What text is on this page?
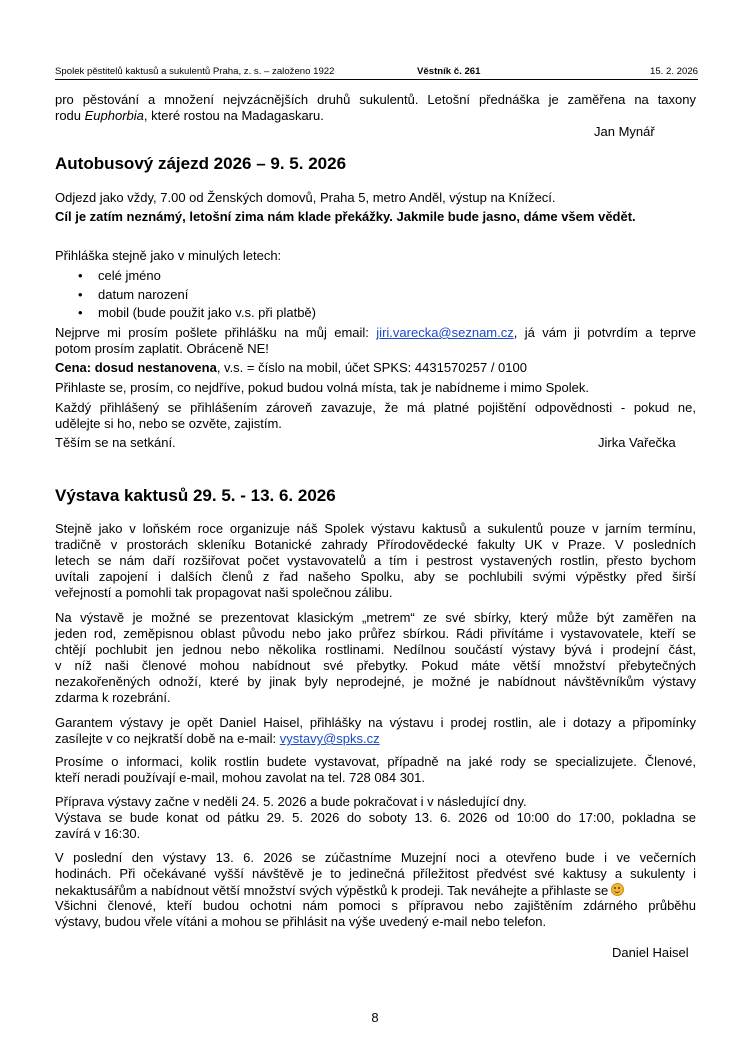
Spolek pěstitelů kaktusů a sukulentů Praha, z. s. – založeno 1922	Věstník č. 261	15. 2. 2026
pro pěstování a množení nejvzácnějších druhů sukulentů. Letošní přednáška je zaměřena na taxony
rodu Euphorbia, které rostou na Madagaskaru.
Jan Mynář
Autobusový zájezd 2026 – 9. 5. 2026
Odjezd jako vždy, 7.00 od Ženských domovů, Praha 5, metro Anděl, výstup na Knížecí.
Cíl je zatím neznámý, letošní zima nám klade překážky. Jakmile bude jasno, dáme všem vědět.
Přihláška stejně jako v minulých letech:
• celé jméno
• datum narození
• mobil (bude použit jako v.s. při platbě)
Nejprve mi prosím pošlete přihlášku na můj email: jiri.varecka@seznam.cz, já vám ji potvrdím a teprve
potom prosím zaplatit. Obráceně NE!
Cena: dosud nestanovena, v.s. = číslo na mobil, účet SPKS: 4431570257 / 0100
Přihlaste se, prosím, co nejdříve, pokud budou volná místa, tak je nabídneme i mimo Spolek.
Každý přihlášený se přihlášením zároveň zavazuje, že má platné pojištění odpovědnosti - pokud ne,
udělejte si ho, nebo se ozvěte, zajistím.
Těším se na setkání.	Jirka Vařečka
Výstava kaktusů 29. 5. - 13. 6. 2026
Stejně jako v loňském roce organizuje náš Spolek výstavu kaktusů a sukulentů pouze v jarním termínu,
tradičně v prostorách skleníku Botanické zahrady Přírodovědecké fakulty UK v Praze. V posledních
letech se nám daří rozšiřovat počet vystavovatelů a tím i pestrost vystavených rostlin, přesto bychom
uvítali zapojení i dalších členů z řad našeho Spolku, aby se pochlubili svými výpěstky před širší
veřejností a pomohli tak propagovat naši společnou zálibu.
Na výstavě je možné se prezentovat klasickým „metrem“ ze své sbírky, který může být zaměřen na
jeden rod, zeměpisnou oblast původu nebo jako průřez sbírkou. Rádi přivítáme i vystavovatele, kteří se
chtějí pochlubit jen jednou nebo několika rostlinami. Nedílnou součástí výstavy bývá i prodejní část,
v níž naši členové mohou nabídnout své přebytky. Pokud máte větší množství přebytečných
nezakořeněných odnoží, které by jinak byly neprodejné, je možné je nabídnout návštěvníkům výstavy
zdarma k rozebrání.
Garantem výstavy je opět Daniel Haisel, přihlášky na výstavu i prodej rostlin, ale i dotazy a připomínky
zasílejte v co nejkratší době na e-mail: vystavy@spks.cz
Prosíme o informaci, kolik rostlin budete vystavovat, případně na jaké rody se specializujete. Členové,
kteří neradi používají e-mail, mohou zavolat na tel. 728 084 301.
Příprava výstavy začne v neděli 24. 5. 2026 a bude pokračovat i v následující dny.
Výstava se bude konat od pátku 29. 5. 2026 do soboty 13. 6. 2026 od 10:00 do 17:00, pokladna se
zavírá v 16:30.
V poslední den výstavy 13. 6. 2026 se zúčastníme Muzejní noci a otevřeno bude i ve večerních
hodinách. Při očekávané vyšší návštěvě je to jedinečná příležitost předvést své kaktusy a sukulenty i
nekaktusářům a nabídnout větší množství svých výpěstků k prodeji. Tak neváhejte a přihlaste se
Všichni členové, kteří budou ochotni nám pomoci s přípravou nebo zajištěním zdárného průběhu
výstavy, budou vřele vítáni a mohou se přihlásit na výše uvedený e-mail nebo telefon.
Daniel Haisel
8
